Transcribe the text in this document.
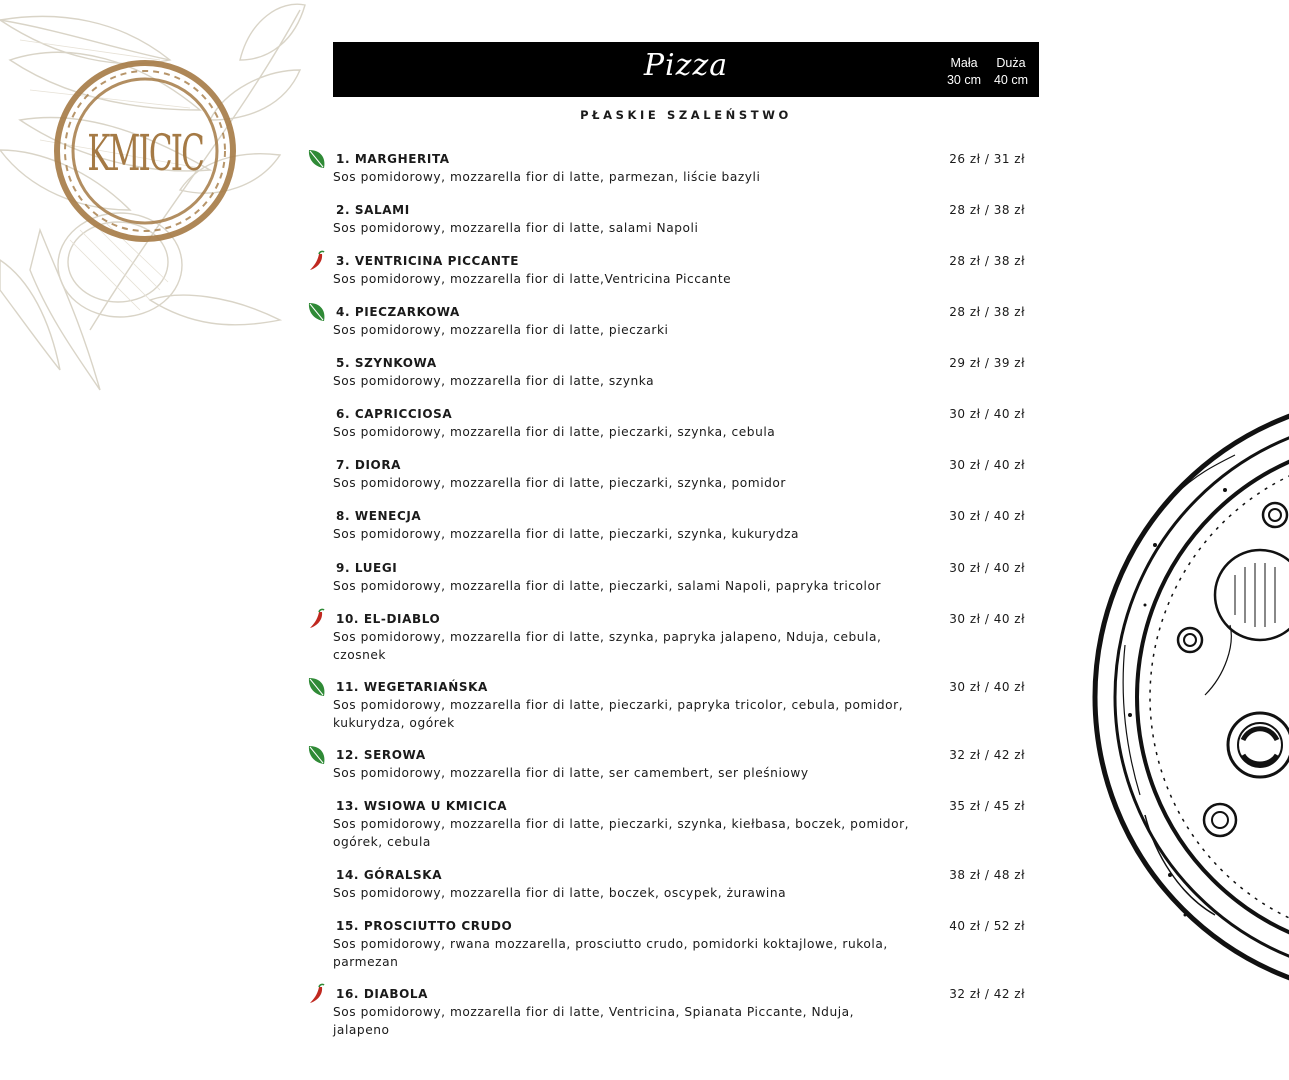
KMICIC
Pizza	Mała
30 cm
Duża
40 cm
PŁASKIE SZALEŃSTWO
1. MARGHERITA	26 zł / 31 zł
Sos pomidorowy, mozzarella fior di latte, parmezan, liście bazyli
2. SALAMI	28 zł / 38 zł
Sos pomidorowy, mozzarella fior di latte, salami Napoli
3. VENTRICINA PICCANTE	28 zł / 38 zł
Sos pomidorowy, mozzarella fior di latte,Ventricina Piccante
4. PIECZARKOWA	28 zł / 38 zł
Sos pomidorowy, mozzarella fior di latte, pieczarki
5. SZYNKOWA	29 zł / 39 zł
Sos pomidorowy, mozzarella fior di latte, szynka
6. CAPRICCIOSA	30 zł / 40 zł
Sos pomidorowy, mozzarella fior di latte, pieczarki, szynka, cebula
7. DIORA	30 zł / 40 zł
Sos pomidorowy, mozzarella fior di latte, pieczarki, szynka, pomidor
8. WENECJA	30 zł / 40 zł
Sos pomidorowy, mozzarella fior di latte, pieczarki, szynka, kukurydza
9. LUEGI	30 zł / 40 zł
Sos pomidorowy, mozzarella fior di latte, pieczarki, salami Napoli, papryka tricolor
10. EL-DIABLO	30 zł / 40 zł
Sos pomidorowy, mozzarella fior di latte, szynka, papryka jalapeno, Nduja, cebula, czosnek
11. WEGETARIAŃSKA	30 zł / 40 zł
Sos pomidorowy, mozzarella fior di latte, pieczarki, papryka tricolor, cebula, pomidor, kukurydza, ogórek
12. SEROWA	32 zł / 42 zł
Sos pomidorowy, mozzarella fior di latte, ser camembert, ser pleśniowy
13. WSIOWA U KMICICA	35 zł / 45 zł
Sos pomidorowy, mozzarella fior di latte, pieczarki, szynka, kiełbasa, boczek, pomidor, ogórek, cebula
14. GÓRALSKA	38 zł / 48 zł
Sos pomidorowy, mozzarella fior di latte, boczek, oscypek, żurawina
15. PROSCIUTTO CRUDO	40 zł / 52 zł
Sos pomidorowy, rwana mozzarella, prosciutto crudo, pomidorki koktajlowe, rukola, parmezan
16. DIABOLA	32 zł / 42 zł
Sos pomidorowy, mozzarella fior di latte, Ventricina, Spianata Piccante, Nduja, jalapeno
